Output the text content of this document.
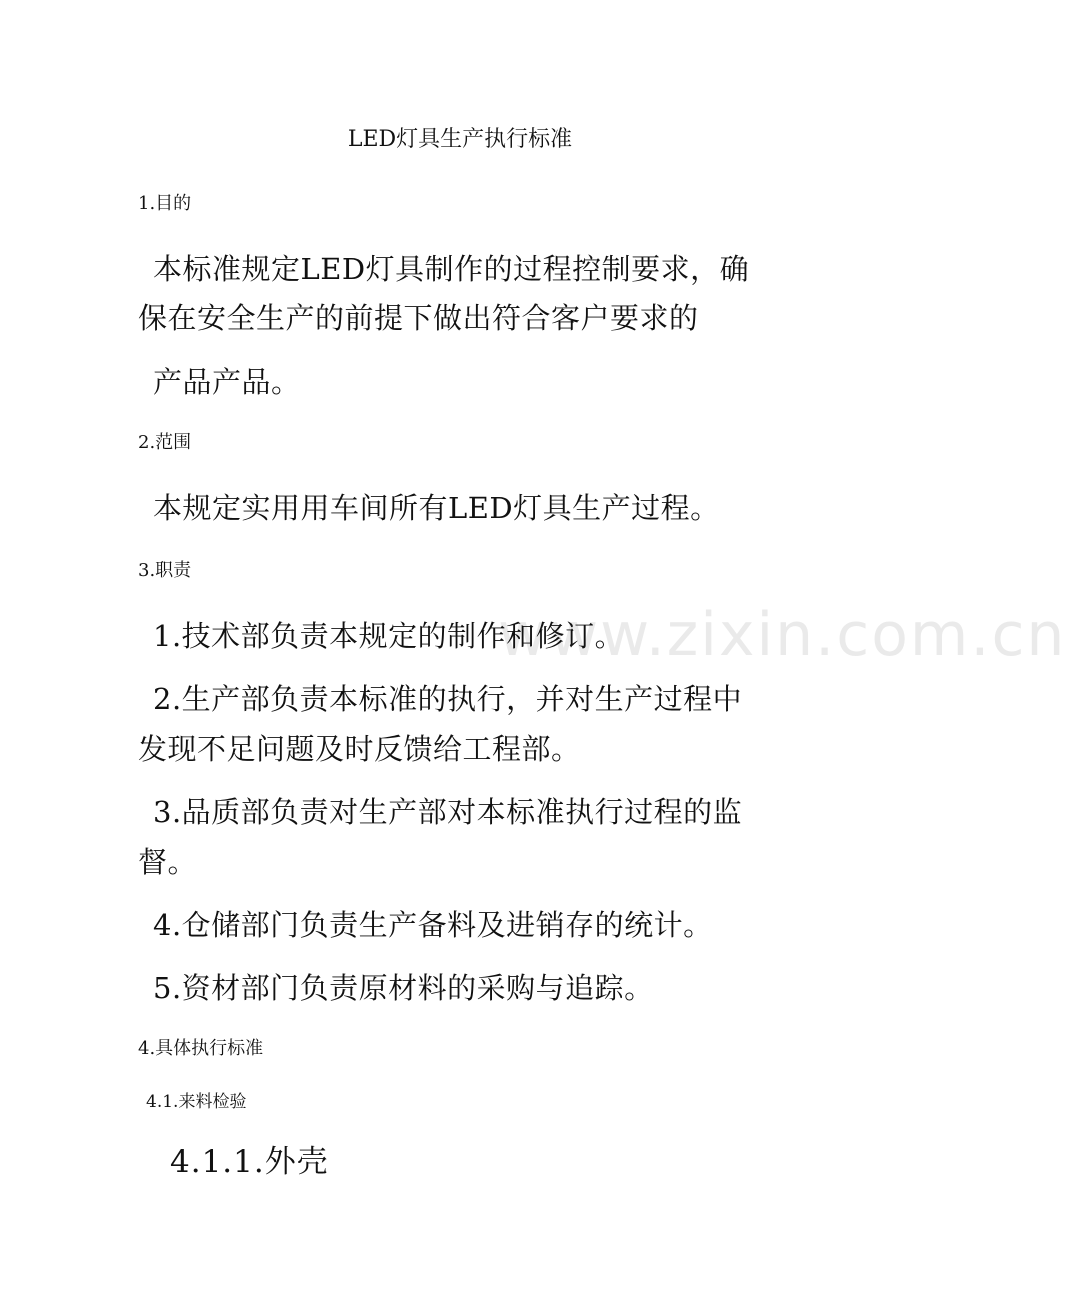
www.zixin.com.cn
LED灯具生产执行标准
1.目的
本标准规定LED灯具制作的过程控制要求，确
保在安全生产的前提下做出符合客户要求的
产品产品。
2.范围
本规定实用用车间所有LED灯具生产过程。
3.职责
1.技术部负责本规定的制作和修订。
2.生产部负责本标准的执行，并对生产过程中
发现不足问题及时反馈给工程部。
3.品质部负责对生产部对本标准执行过程的监
督。
4.仓储部门负责生产备料及进销存的统计。
5.资材部门负责原材料的采购与追踪。
4.具体执行标准
4.1.来料检验
4.1.1.外壳
